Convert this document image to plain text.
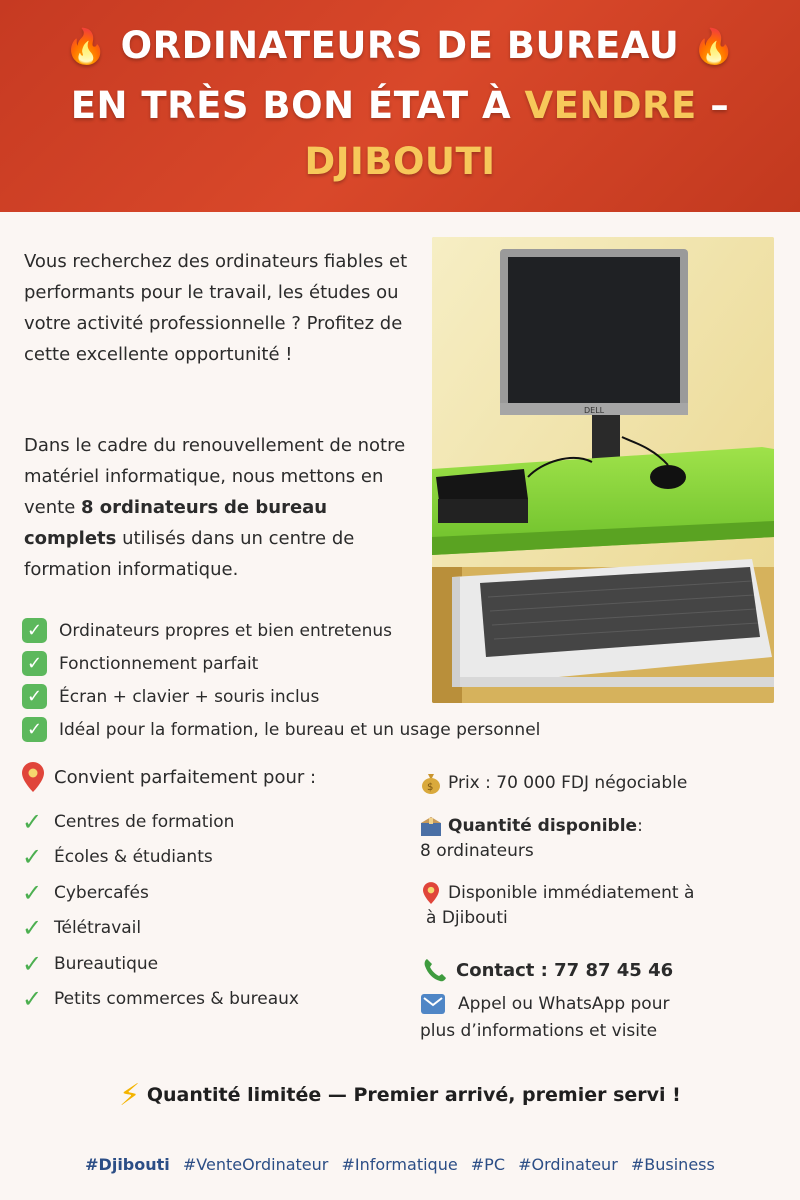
🔥 ORDINATEURS DE BUREAU 🔥
EN TRÈS BON ÉTAT À VENDRE –
DJIBOUTI

Vous recherchez des ordinateurs fiables et performants pour le travail, les études ou votre activité professionnelle ? Profitez de cette excellente opportunité !

Dans le cadre du renouvellement de notre matériel informatique, nous mettons en vente 8 ordinateurs de bureau complets utilisés dans un centre de formation informatique.

DELL
✓ Ordinateurs propres et bien entretenus
✓ Fonctionnement parfait
✓ Écran + clavier + souris inclus
✓ Idéal pour la formation, le bureau et un usage personnel
Convient parfaitement pour :
✓ Centres de formation
✓ Écoles & étudiants
✓ Cybercafés
✓ Télétravail
✓ Bureautique
✓ Petits commerces & bureaux
$ Prix : 70 000 FDJ négociable
Quantité disponible :
8 ordinateurs
Disponible immédiatement à
à Djibouti
Contact : 77 87 45 46
Appel ou WhatsApp pour
plus d’informations et visite
⚡ Quantité limitée — Premier arrivé, premier servi !
#Djibouti #VenteOrdinateur #Informatique #PC #Ordinateur #Business
